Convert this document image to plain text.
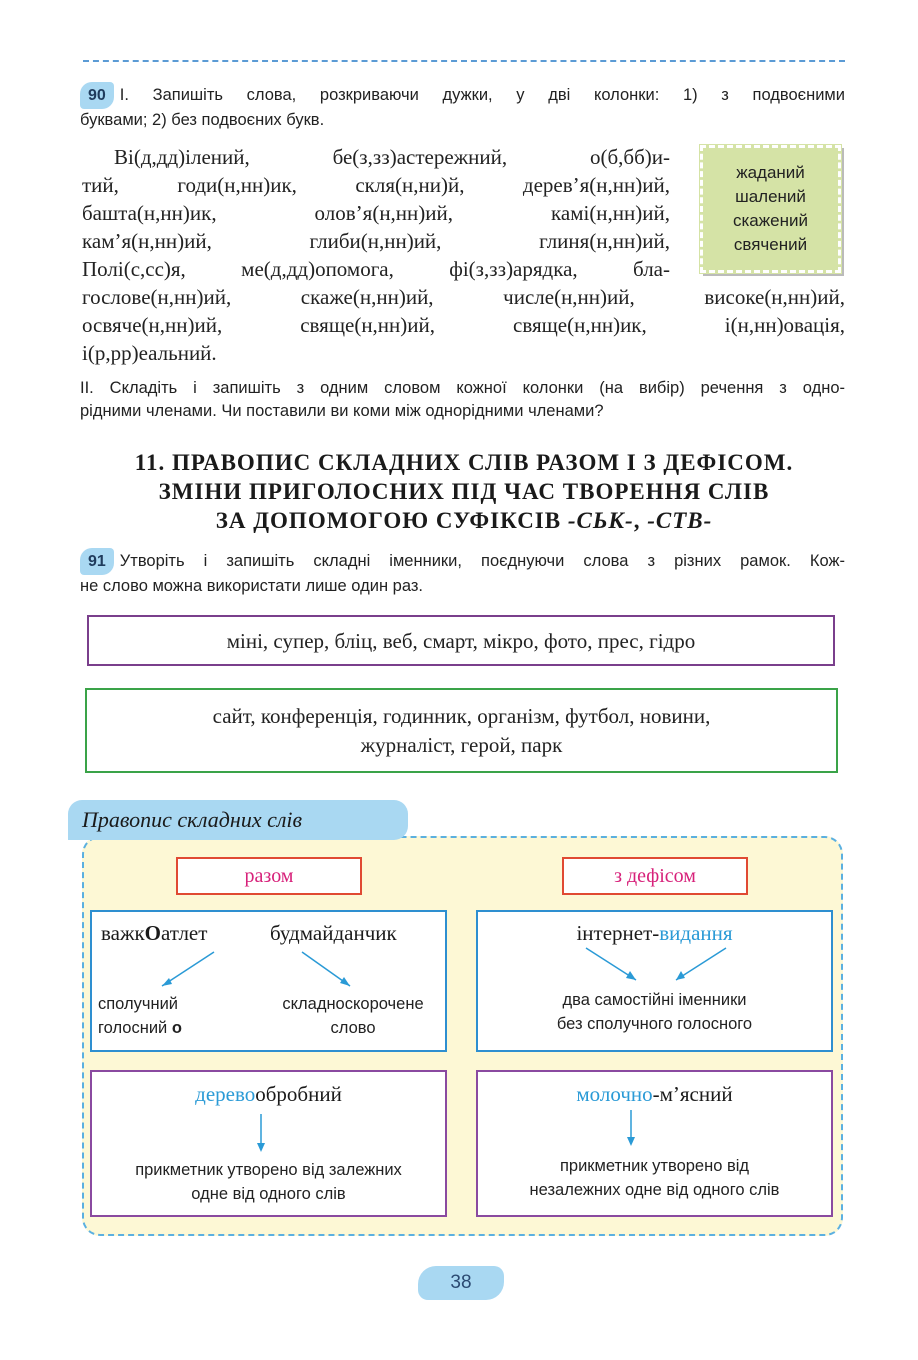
90 I. Запишіть слова, розкриваючи дужки, у дві колонки: 1) з подвоєними
буквами; 2) без подвоєних букв.
Ві(д,дд)ілений, бе(з,зз)астережний, о(б,бб)и-
тий, годи(н,нн)ик, скля(н,ни)й, дерев’я(н,нн)ий,
башта(н,нн)ик, олов’я(н,нн)ий, камі(н,нн)ий,
кам’я(н,нн)ий, глиби(н,нн)ий, глиня(н,нн)ий,
Полі(с,сс)я, ме(д,дд)опомога, фі(з,зз)арядка, бла-
гослове(н,нн)ий, скаже(н,нн)ий, числе(н,нн)ий, високе(н,нн)ий,
освяче(н,нн)ий, свяще(н,нн)ий, свяще(н,нн)ик, і(н,нн)овація,
і(р,рр)еальний.
жаданий
шалений
скажений
свячений
II. Складіть і запишіть з одним словом кожної колонки (на вибір) речення з одно-
рідними членами. Чи поставили ви коми між однорідними членами?
11. ПРАВОПИС СКЛАДНИХ СЛІВ РАЗОМ І З ДЕФІСОМ.
ЗМІНИ ПРИГОЛОСНИХ ПІД ЧАС ТВОРЕННЯ СЛІВ
ЗА ДОПОМОГОЮ СУФІКСІВ -СЬК-, -СТВ-
91 Утворіть і запишіть складні іменники, поєднуючи слова з різних рамок. Кож-
не слово можна використати лише один раз.
міні, супер, бліц, веб, смарт, мікро, фото, прес, гідро
сайт, конференція, годинник, організм, футбол, новини,
журналіст, герой, парк
Правопис складних слів
разом	з дефісом
важкОатлет	будмайданчик
сполучний
голосний о
складноскорочене
слово
інтернет-видання
два самостійні іменники
без сполучного голосного
деревообробний
прикметник утворено від залежних
одне від одного слів
молочно-м’ясний
прикметник утворено від
незалежних одне від одного слів
38
